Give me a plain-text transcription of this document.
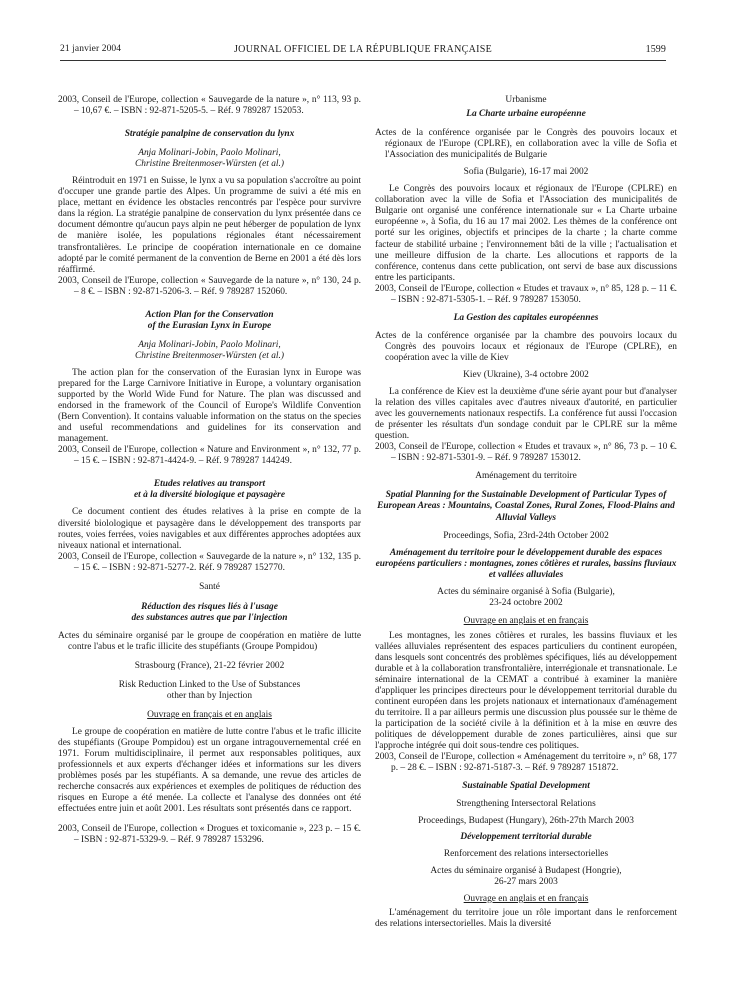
21 janvier 2004	JOURNAL OFFICIEL DE LA RÉPUBLIQUE FRANÇAISE	1599

2003, Conseil de l'Europe, collection « Sauvegarde de la nature », n° 113, 93 p. – 10,67 €. – ISBN : 92-871-5205-5. – Réf. 9 789287 152053.

Stratégie panalpine de conservation du lynx

Anja Molinari-Jobin, Paolo Molinari,

Christine Breitenmoser-Würsten (et al.)

Réintroduit en 1971 en Suisse, le lynx a vu sa population s'accroître au point d'occuper une grande partie des Alpes. Un programme de suivi a été mis en place, mettant en évidence les obstacles rencontrés par l'espèce pour survivre dans la région. La stratégie panalpine de conservation du lynx présentée dans ce document démontre qu'aucun pays alpin ne peut héberger de population de lynx de manière isolée, les populations régionales étant nécessairement transfrontalières. Le principe de coopération internationale en ce domaine adopté par le comité permanent de la convention de Berne en 2001 a été dès lors réaffirmé.

2003, Conseil de l'Europe, collection « Sauvegarde de la nature », n° 130, 24 p. – 8 €. – ISBN : 92-871-5206-3. – Réf. 9 789287 152060.

Action Plan for the Conservation

of the Eurasian Lynx in Europe

Anja Molinari-Jobin, Paolo Molinari,

Christine Breitenmoser-Würsten (et al.)

The action plan for the conservation of the Eurasian lynx in Europe was prepared for the Large Carnivore Initiative in Europe, a voluntary organisation supported by the World Wide Fund for Nature. The plan was discussed and endorsed in the framework of the Council of Europe's Wildlife Convention (Bern Convention). It contains valuable information on the status on the species and useful recommendations and guidelines for its conservation and management.

2003, Conseil de l'Europe, collection « Nature and Environment », n° 132, 77 p. – 15 €. – ISBN : 92-871-4424-9. – Réf. 9 789287 144249.

Etudes relatives au transport

et à la diversité biologique et paysagère

Ce document contient des études relatives à la prise en compte de la diversité biolologique et paysagère dans le développement des transports par routes, voies ferrées, voies navigables et aux différentes approches adoptées aux niveaux national et international.

2003, Conseil de l'Europe, collection « Sauvegarde de la nature », n° 132, 135 p. – 15 €. – ISBN : 92-871-5277-2. Réf. 9 789287 152770.

Santé

Réduction des risques liés à l'usage

des substances autres que par l'injection

Actes du séminaire organisé par le groupe de coopération en matière de lutte contre l'abus et le trafic illicite des stupéfiants (Groupe Pompidou)

Strasbourg (France), 21-22 février 2002

Risk Reduction Linked to the Use of Substances

other than by Injection

Ouvrage en français et en anglais

Le groupe de coopération en matière de lutte contre l'abus et le trafic illicite des stupéfiants (Groupe Pompidou) est un organe intragouvernemental créé en 1971. Forum multidisciplinaire, il permet aux responsables politiques, aux professionnels et aux experts d'échanger idées et informations sur les divers problèmes posés par les stupéfiants. A sa demande, une revue des articles de recherche consacrés aux expériences et exemples de politiques de réduction des risques en Europe a été menée. La collecte et l'analyse des données ont été effectuées entre juin et août 2001. Les résultats sont présentés dans ce rapport.

2003, Conseil de l'Europe, collection « Drogues et toxicomanie », 223 p. – 15 €. – ISBN : 92-871-5329-9. – Réf. 9 789287 153296.

Urbanisme

La Charte urbaine européenne

Actes de la conférence organisée par le Congrès des pouvoirs locaux et régionaux de l'Europe (CPLRE), en collaboration avec la ville de Sofia et l'Association des municipalités de Bulgarie

Sofia (Bulgarie), 16-17 mai 2002

Le Congrès des pouvoirs locaux et régionaux de l'Europe (CPLRE) en collaboration avec la ville de Sofia et l'Association des municipalités de Bulgarie ont organisé une conférence internationale sur « La Charte urbaine européenne », à Sofia, du 16 au 17 mai 2002. Les thèmes de la conférence ont porté sur les origines, objectifs et principes de la charte ; la charte comme facteur de stabilité urbaine ; l'environnement bâti de la ville ; l'actualisation et une meilleure diffusion de la charte. Les allocutions et rapports de la conférence, contenus dans cette publication, ont servi de base aux discussions entre les participants.

2003, Conseil de l'Europe, collection « Etudes et travaux », n° 85, 128 p. – 11 €. – ISBN : 92-871-5305-1. – Réf. 9 789287 153050.

La Gestion des capitales européennes

Actes de la conférence organisée par la chambre des pouvoirs locaux du Congrès des pouvoirs locaux et régionaux de l'Europe (CPLRE), en coopération avec la ville de Kiev

Kiev (Ukraine), 3-4 octobre 2002

La conférence de Kiev est la deuxième d'une série ayant pour but d'analyser la relation des villes capitales avec d'autres niveaux d'autorité, en particulier avec les gouvernements nationaux respectifs. La conférence fut aussi l'occasion de présenter les résultats d'un sondage conduit par le CPLRE sur la même question.

2003, Conseil de l'Europe, collection « Etudes et travaux », n° 86, 73 p. – 10 €. – ISBN : 92-871-5301-9. – Réf. 9 789287 153012.

Aménagement du territoire

Spatial Planning for the Sustainable Development of Particular Types of European Areas : Mountains, Coastal Zones, Rural Zones, Flood-Plains and Alluvial Valleys

Proceedings, Sofia, 23rd-24th October 2002

Aménagement du territoire pour le développement durable des espaces européens particuliers : montagnes, zones côtières et rurales, bassins fluviaux et vallées alluviales

Actes du séminaire organisé à Sofia (Bulgarie),

23-24 octobre 2002

Ouvrage en anglais et en français

Les montagnes, les zones côtières et rurales, les bassins fluviaux et les vallées alluviales représentent des espaces particuliers du continent européen, dans lesquels sont concentrés des problèmes spécifiques, liés au développement durable et à la collaboration transfrontalière, interrégionale et transnationale. Le séminaire international de la CEMAT a contribué à examiner la manière d'appliquer les principes directeurs pour le développement territorial durable du continent européen dans les projets nationaux et internationaux d'aménagement du territoire. Il a par ailleurs permis une discussion plus poussée sur le thème de la participation de la société civile à la définition et à la mise en œuvre des politiques de développement durable de zones particulières, ainsi que sur l'approche intégrée qui doit sous-tendre ces politiques.

2003, Conseil de l'Europe, collection « Aménagement du territoire », n° 68, 177 p. – 28 €. – ISBN : 92-871-5187-3. – Réf. 9 789287 151872.

Sustainable Spatial Development

Strengthening Intersectoral Relations

Proceedings, Budapest (Hungary), 26th-27th March 2003

Développement territorial durable

Renforcement des relations intersectorielles

Actes du séminaire organisé à Budapest (Hongrie),

26-27 mars 2003

Ouvrage en anglais et en français

L'aménagement du territoire joue un rôle important dans le renforcement des relations intersectorielles. Mais la diversité
